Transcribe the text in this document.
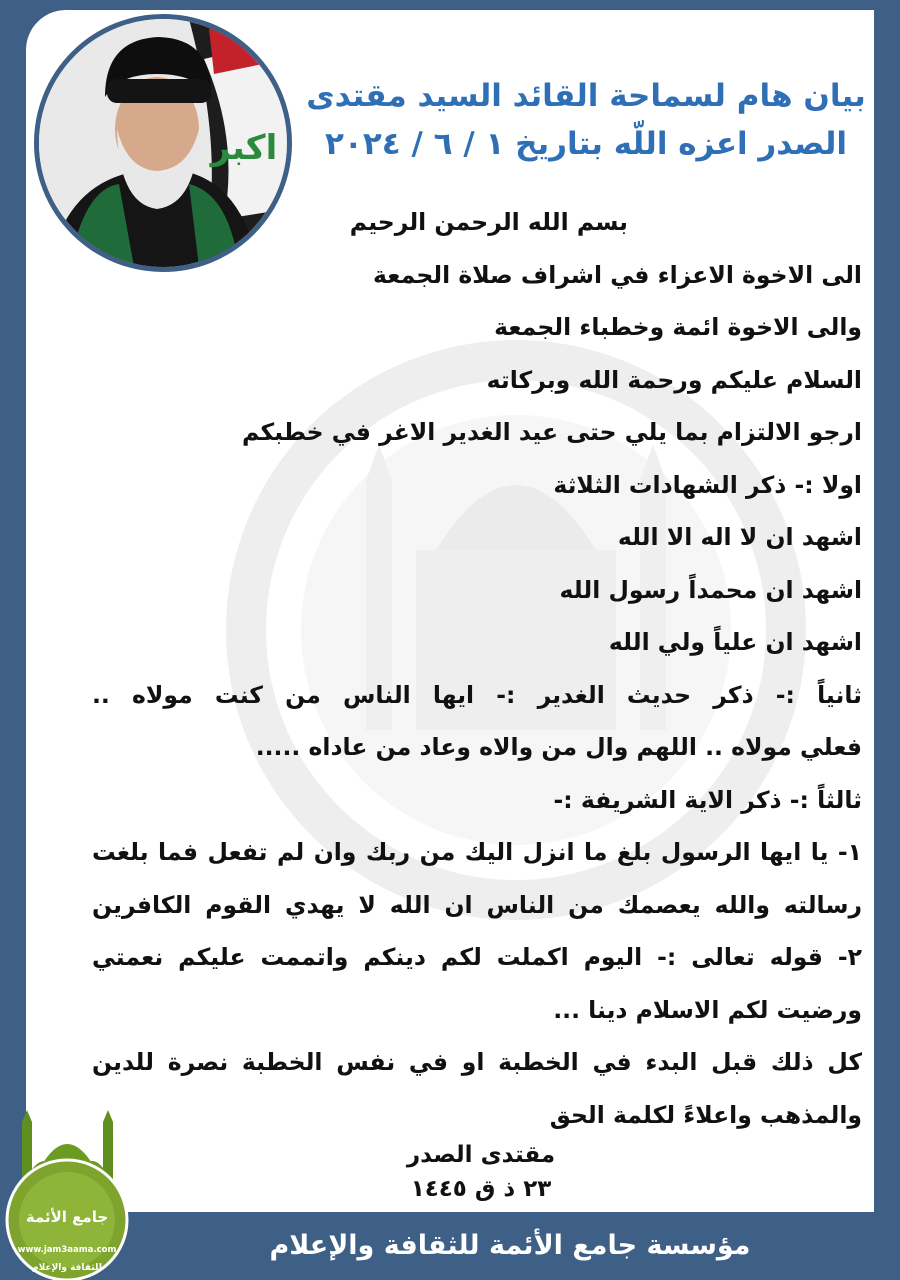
اكبر
بيان هام لسماحة القائد السيد مقتدى
الصدر اعزه اللّه بتاريخ ١ / ٦ / ٢٠٢٤
بسم الله الرحمن الرحيم
الى الاخوة الاعزاء في اشراف صلاة الجمعة
والى الاخوة ائمة وخطباء الجمعة
السلام عليكم ورحمة الله وبركاته
ارجو الالتزام بما يلي حتى عيد الغدير الاغر في خطبكم
اولا :- ذكر الشهادات الثلاثة
اشهد ان لا اله الا الله
اشهد ان محمداً رسول الله
اشهد ان علياً ولي الله
ثانياً :- ذكر حديث الغدير :- ايها الناس من كنت مولاه ..
فعلي مولاه .. اللهم وال من والاه وعاد من عاداه .....
ثالثاً :- ذكر الاية الشريفة :-
١- يا ايها الرسول بلغ ما انزل اليك من ربك وان لم تفعل فما بلغت
رسالته والله يعصمك من الناس ان الله لا يهدي القوم الكافرين
٢- قوله تعالى :- اليوم اكملت لكم دينكم واتممت عليكم نعمتي
ورضيت لكم الاسلام دينا ...
كل ذلك قبل البدء في الخطبة او في نفس الخطبة نصرة للدين
والمذهب واعلاءً لكلمة الحق
مقتدى الصدر
٢٣ ذ ق ١٤٤٥
مؤسسة جامع الأئمة للثقافة والإعلام
جامع الأئمة
www.jam3aama.com
للثقافة والإعلام
